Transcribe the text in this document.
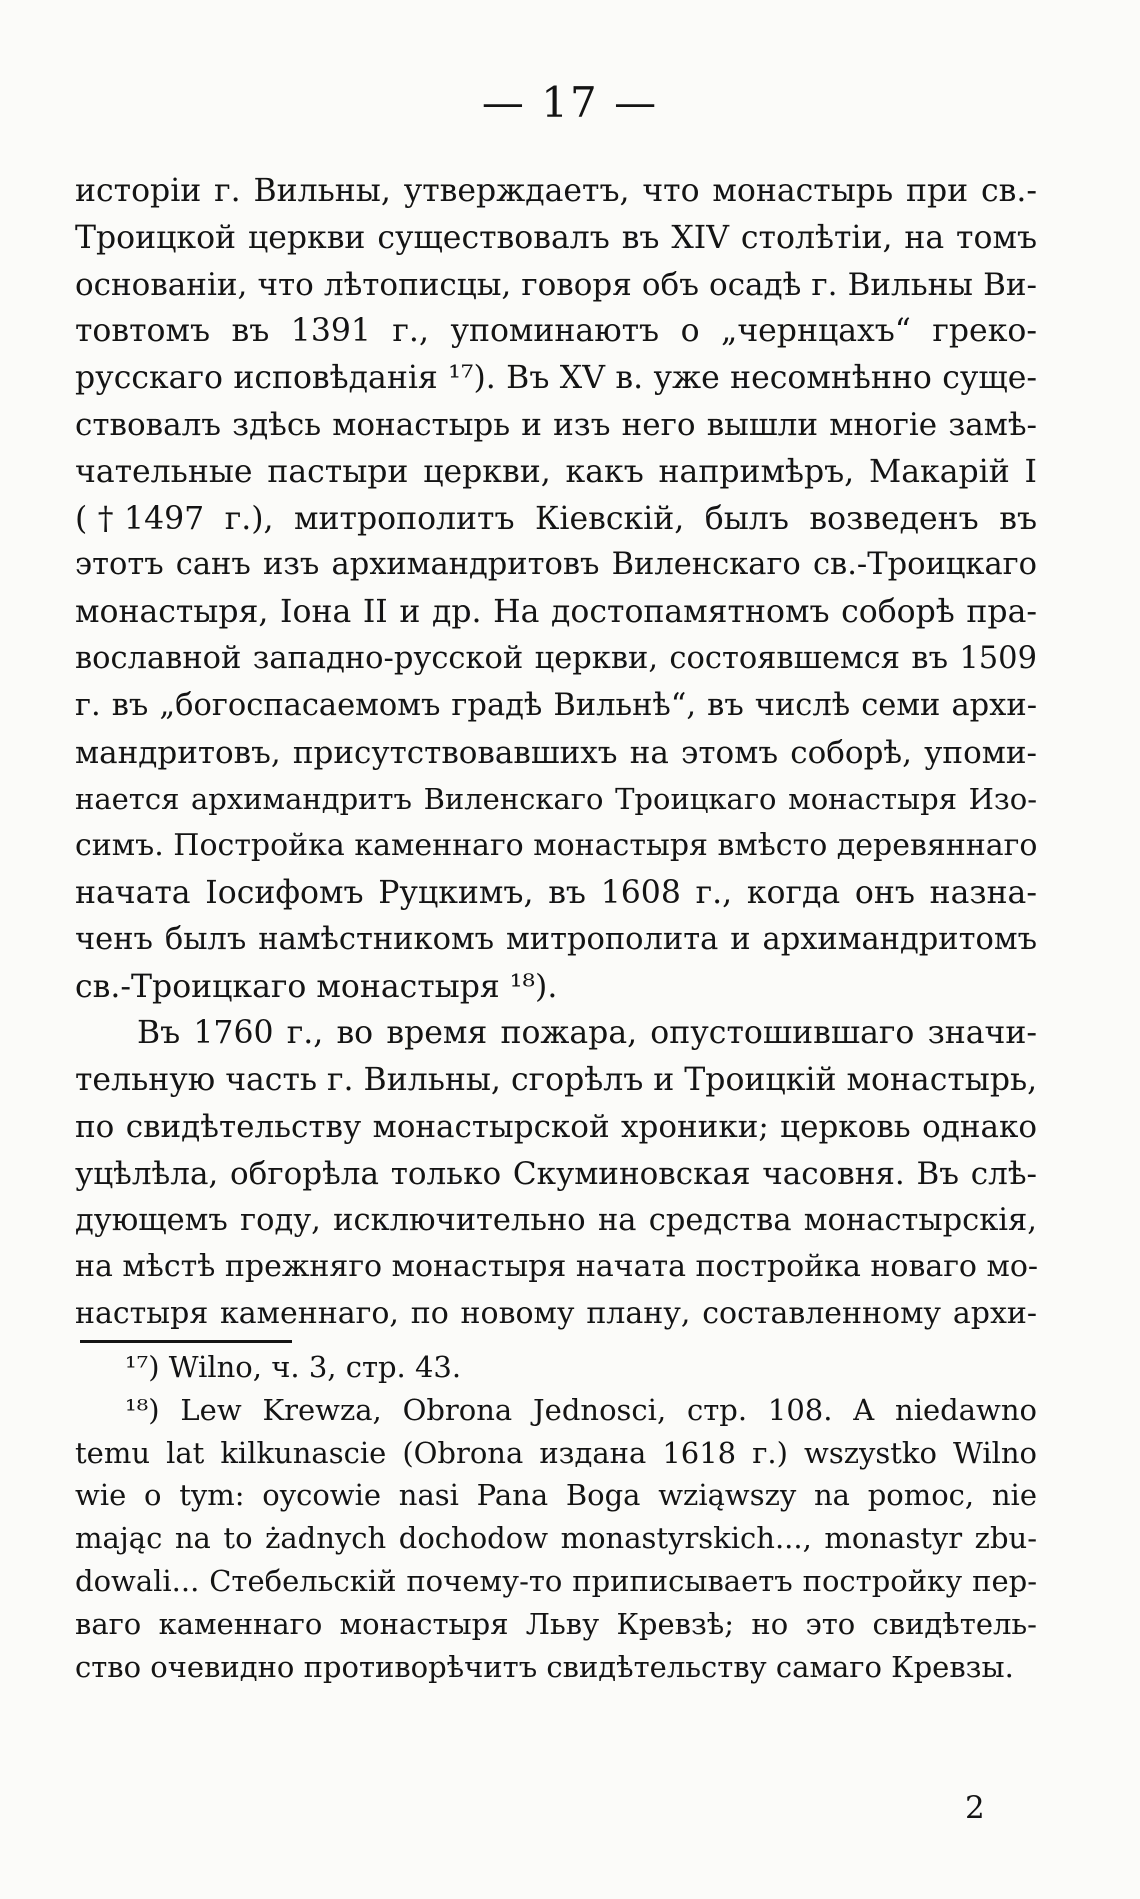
— 17 —
исторіи г. Вильны, утверждаетъ, что монастырь при св.-
Троицкой церкви существовалъ въ XIV столѣтіи, на томъ
основаніи, что лѣтописцы, говоря объ осадѣ г. Вильны Ви-
товтомъ въ 1391 г., упоминаютъ о „чернцахъ“ греко-
русскаго исповѣданія ¹⁷). Въ XV в. уже несомнѣнно суще-
ствовалъ здѣсь монастырь и изъ него вышли многіе замѣ-
чательные пастыри церкви, какъ напримѣръ, Макарій I
(†1497 г.), митрополитъ Кіевскій, былъ возведенъ въ
этотъ санъ изъ архимандритовъ Виленскаго св.-Троицкаго
монастыря, Іона II и др. На достопамятномъ соборѣ пра-
вославной западно-русской церкви, состоявшемся въ 1509
г. въ „богоспасаемомъ градѣ Вильнѣ“, въ числѣ семи архи-
мандритовъ, присутствовавшихъ на этомъ соборѣ, упоми-
нается архимандритъ Виленскаго Троицкаго монастыря Изо-
симъ. Постройка каменнаго монастыря вмѣсто деревяннаго
начата Іосифомъ Руцкимъ, въ 1608 г., когда онъ назна-
ченъ былъ намѣстникомъ митрополита и архимандритомъ
св.-Троицкаго монастыря ¹⁸).
Въ 1760 г., во время пожара, опустошившаго значи-
тельную часть г. Вильны, сгорѣлъ и Троицкій монастырь,
по свидѣтельству монастырской хроники; церковь однако
уцѣлѣла, обгорѣла только Скуминовская часовня. Въ слѣ-
дующемъ году, исключительно на средства монастырскія,
на мѣстѣ прежняго монастыря начата постройка новаго мо-
настыря каменнаго, по новому плану, составленному архи-
¹⁷) Wilno, ч. 3, стр. 43.
¹⁸) Lew Krewza, Obrona Jednosci, стр. 108. A niedawno
temu lat kilkunascie (Obrona издана 1618 г.) wszystko Wilno
wie o tym: oycowie nasi Pana Boga wziąwszy na pomoc, nie
mając na to żadnych dochodow monastyrskich..., monastyr zbu-
dowali... Стебельскій почему-то приписываетъ постройку пер-
ваго каменнаго монастыря Льву Кревзѣ; но это свидѣтель-
ство очевидно противорѣчитъ свидѣтельству самаго Кревзы.
2
